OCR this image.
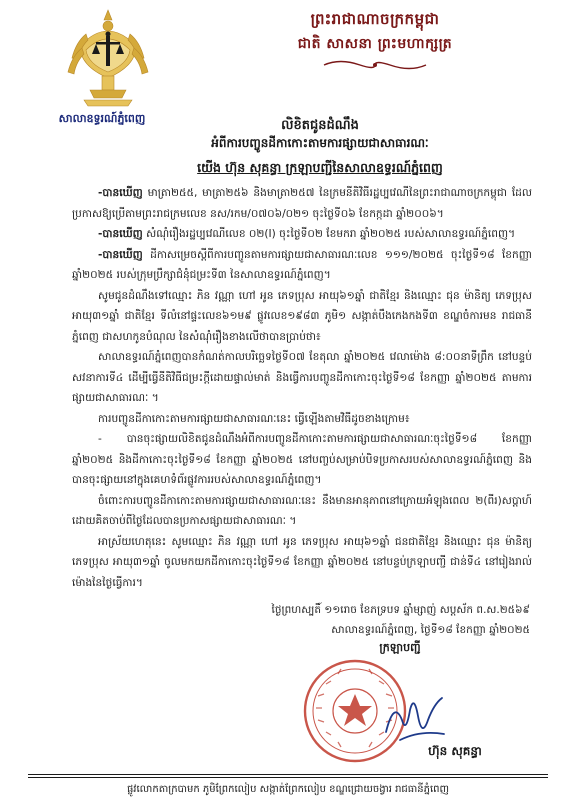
សាលាឧទ្ធរណ៍ភ្នំពេញ
ព្រះរាជាណាចក្រកម្ពុជា
ជាតិ សាសនា ព្រះមហាក្សត្រ
លិខិតជូនដំណឹង
អំពីការបញ្ចូនដីកាកោះតាមការផ្សាយជាសាធារណៈ
យើង ហ៊ុន សុគន្ធា ក្រឡាបញ្ជីនៃសាលាឧទ្ធរណ៍ភ្នំពេញ

-បានឃើញ មាត្រា២៥៥, មាត្រា២៥៦ និងមាត្រា២៥៧ នៃក្រមនីតិវិធីរដ្ឋប្បវេណីនៃព្រះរាជាណាចក្រកម្ពុជា ដែលប្រកាសឱ្យប្រើតាមព្រះរាជក្រមលេខ នស/រកម/០៧០៦/០២១ ចុះថ្ងៃទី០៦ ខែកក្កដា ឆ្នាំ២០០៦។

-បានឃើញ សំណុំរឿងរដ្ឋប្បវេណីលេខ ០២(I) ចុះថ្ងៃទី០២ ខែមករា ឆ្នាំ២០២៥ របស់សាលាឧទ្ធរណ៍ភ្នំពេញ។

-បានឃើញ ដីកាសម្រេចស្តីពីការបញ្ចូនតាមការផ្សាយជាសាធារណៈលេខ ១១១/២០២៥ ចុះថ្ងៃទី១៨ ខែកញ្ញា ឆ្នាំ២០២៥ របស់ក្រុមប្រឹក្សាជំនុំជម្រះទី៣ នៃសាលាឧទ្ធរណ៍ភ្នំពេញ។

សូមជូនដំណឹងទៅឈ្មោះ ភិន វណ្ណា ហៅ អូន ភេទប្រុស អាយុ៦១ឆ្នាំ ជាតិខ្មែរ និងឈ្មោះ ជុន ម៉ានិត្យ ភេទប្រុស អាយុ៣១ឆ្នាំ ជាតិខ្មែរ ទីលំនៅផ្ទះលេខ៦១ម៩ ផ្លូវលេខ១៩៨៣ ភូមិ១ សង្កាត់បឹងកេងកងទី៣ ខណ្ឌចំការមន រាជធានីភ្នំពេញ ជាសហកូនបំណុល នៃសំណុំរឿងខាងលើថាបានប្រាប់ថា៖

សាលាឧទ្ធរណ៍ភ្នំពេញបានកំណត់កាលបរិច្ឆេទថ្ងៃទី០៧ ខែតុលា ឆ្នាំ២០២៥ វេលាម៉ោង ៨:០០នាទីព្រឹក នៅបន្ទប់សវនាការទី៤ ដើម្បីធ្វើនីតិវិធីជម្រះក្តីដោយផ្ទាល់មាត់ និងធ្វើការបញ្ចូនដីកាកោះចុះថ្ងៃទី១៨ ខែកញ្ញា ឆ្នាំ២០២៥ តាមការផ្សាយជាសាធារណៈ ។

ការបញ្ចូនដីកាកោះតាមការផ្សាយជាសាធារណៈនេះ ធ្វើឡើងតាមវិធីដូចខាងក្រោម៖

- បានចុះផ្សាយលិខិតជូនដំណឹងអំពីការបញ្ចូនដីកាកោះតាមការផ្សាយជាសាធារណៈចុះថ្ងៃទី១៨ ខែកញ្ញា ឆ្នាំ២០២៥ និងដីកាកោះចុះថ្ងៃទី១៨ ខែកញ្ញា ឆ្នាំ២០២៥ នៅបញ្ចប់សម្រាប់បិទប្រកាសរបស់សាលាឧទ្ធរណ៍ភ្នំពេញ និងបានចុះផ្សាយនៅក្នុងគេហទំព័រផ្លូវការរបស់សាលាឧទ្ធរណ៍ភ្នំពេញ។

ចំពោះការបញ្ចូនដីកាកោះតាមការផ្សាយជាសាធារណៈនេះ នឹងមានអានុភាពនៅក្រោយអំឡុងពេល ២(ពីរ)សប្តាហ៍ ដោយគិតចាប់ពីថ្ងៃដែលបានប្រកាសផ្សាយជាសាធារណៈ ។

អាស្រ័យហេតុនេះ សូមឈ្មោះ ភិន វណ្ណា ហៅ អូន ភេទប្រុស អាយុ៦១ឆ្នាំ ជនជាតិខ្មែរ និងឈ្មោះ ជុន ម៉ានិត្យ ភេទប្រុស អាយុ៣១ឆ្នាំ ចូលមកយកដីកាកោះចុះថ្ងៃទី១៨ ខែកញ្ញា ឆ្នាំ២០២៥ នៅបន្ទប់ក្រឡាបញ្ជី ជាន់ទី៤ នៅរៀងរាល់ម៉ោងនៃថ្ងៃធ្វើការ។

ថ្ងៃព្រហស្បតិ៍ ១១រោច ខែភទ្របទ ឆ្នាំម្សាញ់ សប្តស័ក ព.ស.២៥៦៩
សាលាឧទ្ធរណ៍ភ្នំពេញ, ថ្ងៃទី១៨ ខែកញ្ញា ឆ្នាំ២០២៥
ក្រឡាបញ្ជី
ហ៊ុន សុគន្ធា
ផ្លូវលោកតាក្របាមក ភូមិព្រែកលៀប សង្កាត់ព្រែកលៀប ខណ្ឌជ្រោយចង្វារ រាជធានីភ្នំពេញ
